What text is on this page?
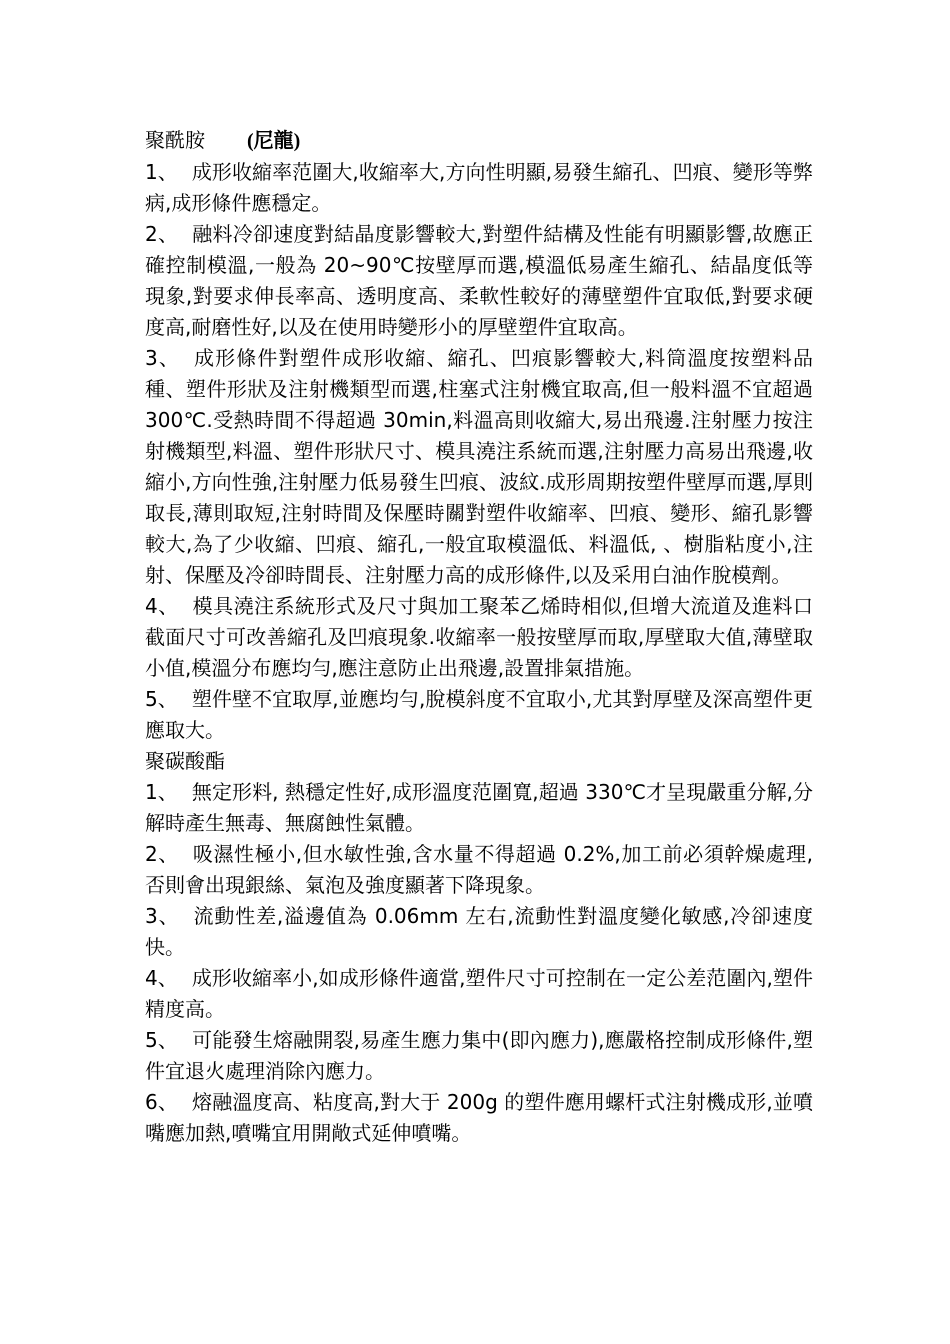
聚酰胺 (尼龍)

1、 成形收縮率范圍大,收縮率大,方向性明顯,易發生縮孔、凹痕、變形等弊病,成形條件應穩定。

2、 融料冷卻速度對結晶度影響較大,對塑件結構及性能有明顯影響,故應正確控制模溫,一般為 20~90℃按壁厚而選,模溫低易產生縮孔、結晶度低等現象,對要求伸長率高、透明度高、柔軟性較好的薄壁塑件宜取低,對要求硬度高,耐磨性好,以及在使用時變形小的厚壁塑件宜取高。

3、 成形條件對塑件成形收縮、縮孔、凹痕影響較大,料筒溫度按塑料品種、塑件形狀及注射機類型而選,柱塞式注射機宜取高,但一般料溫不宜超過 300℃.受熱時間不得超過 30min,料溫高則收縮大,易出飛邊.注射壓力按注射機類型,料溫、塑件形狀尺寸、模具澆注系統而選,注射壓力高易出飛邊,收縮小,方向性強,注射壓力低易發生凹痕、波紋.成形周期按塑件壁厚而選,厚則取長,薄則取短,注射時間及保壓時關對塑件收縮率、凹痕、變形、縮孔影響較大,為了少收縮、凹痕、縮孔,一般宜取模溫低、料溫低, 、樹脂粘度小,注射、保壓及冷卻時間長、注射壓力高的成形條件,以及采用白油作脫模劑。

4、 模具澆注系統形式及尺寸與加工聚苯乙烯時相似,但增大流道及進料口截面尺寸可改善縮孔及凹痕現象.收縮率一般按壁厚而取,厚壁取大值,薄壁取小值,模溫分布應均勻,應注意防止出飛邊,設置排氣措施。

5、 塑件壁不宜取厚,並應均勻,脫模斜度不宜取小,尤其對厚壁及深高塑件更應取大。

聚碳酸酯

1、 無定形料, 熱穩定性好,成形溫度范圍寬,超過 330℃才呈現嚴重分解,分解時產生無毒、無腐蝕性氣體。

2、 吸濕性極小,但水敏性強,含水量不得超過 0.2%,加工前必須幹燥處理,否則會出現銀絲、氣泡及強度顯著下降現象。

3、 流動性差,溢邊值為 0.06mm 左右,流動性對溫度變化敏感,冷卻速度快。

4、 成形收縮率小,如成形條件適當,塑件尺寸可控制在一定公差范圍內,塑件精度高。

5、 可能發生熔融開裂,易產生應力集中(即內應力),應嚴格控制成形條件,塑件宜退火處理消除內應力。

6、 熔融溫度高、粘度高,對大于 200g 的塑件應用螺杆式注射機成形,並噴嘴應加熱,噴嘴宜用開敞式延伸噴嘴。
